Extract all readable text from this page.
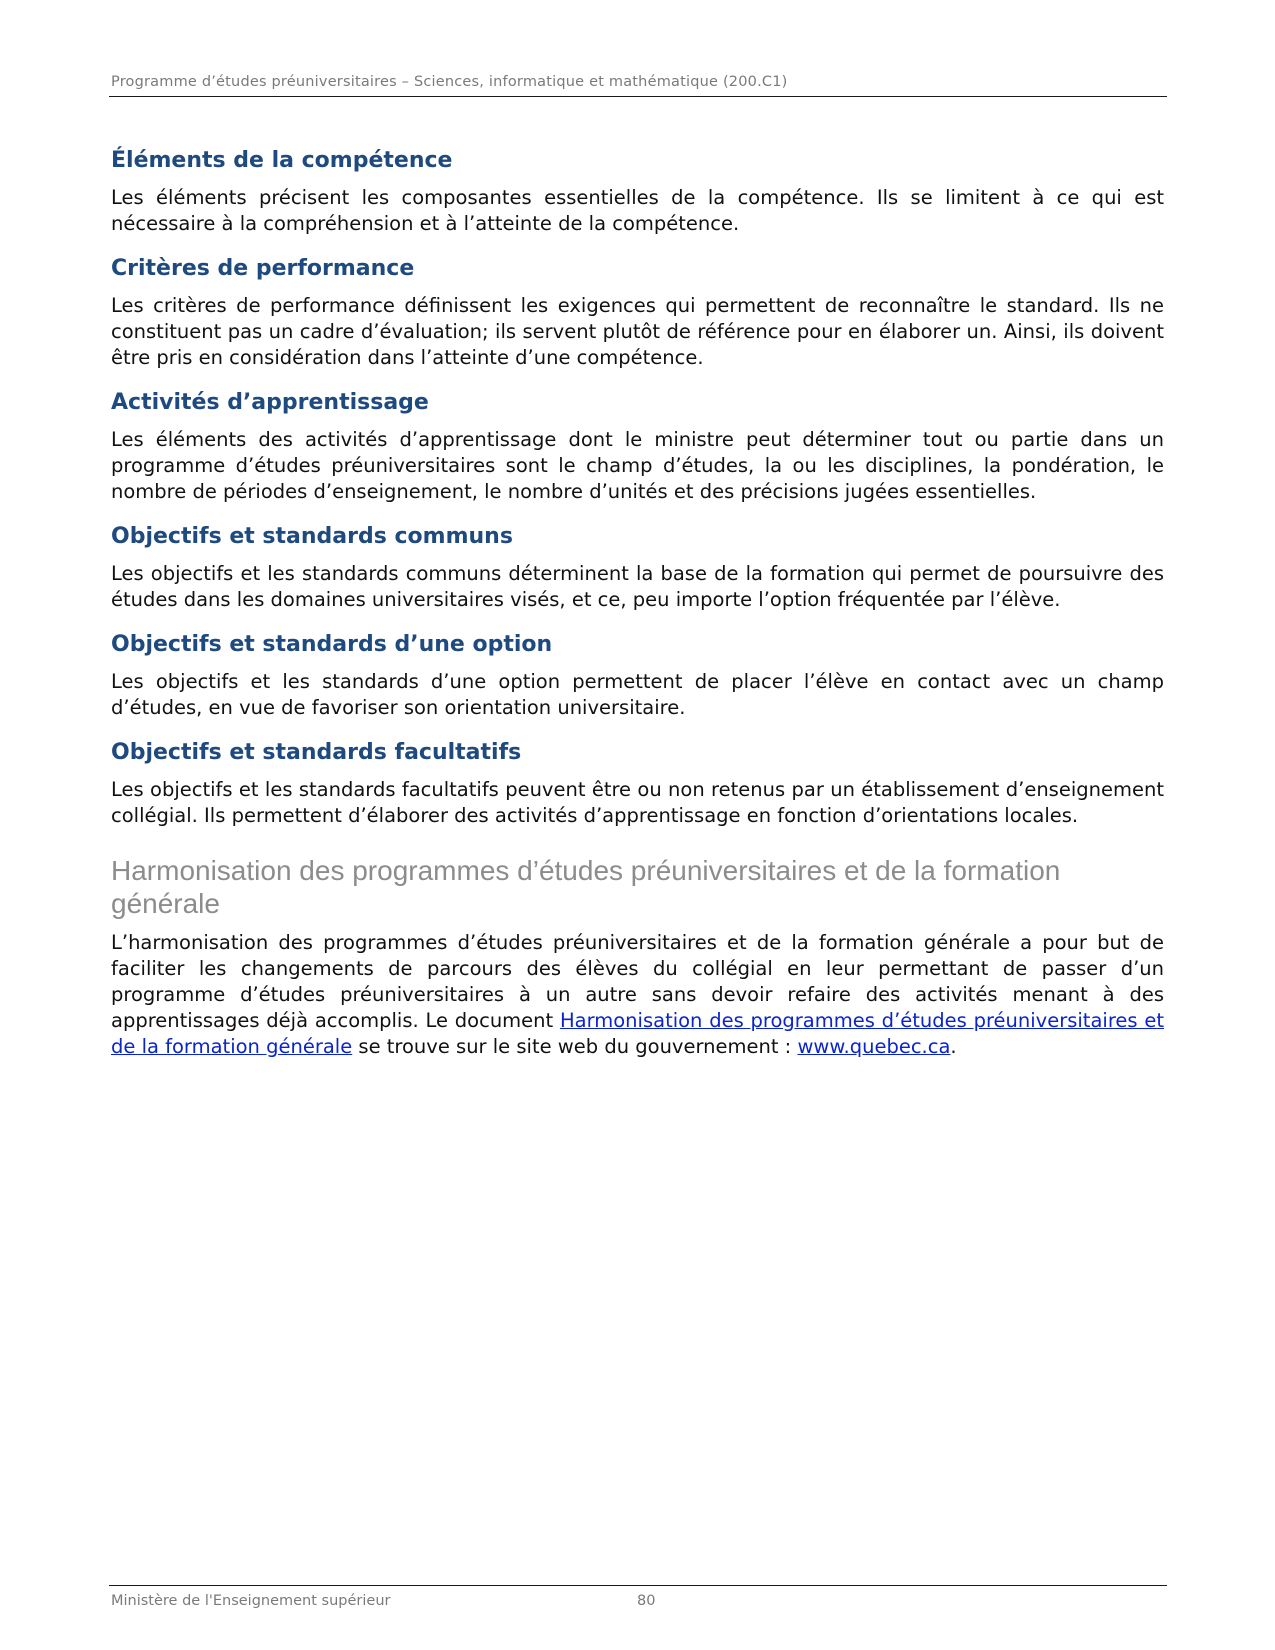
Programme d’études préuniversitaires – Sciences, informatique et mathématique (200.C1)
Éléments de la compétence

Les éléments précisent les composantes essentielles de la compétence. Ils se limitent à ce qui est nécessaire à la compréhension et à l’atteinte de la compétence.

Critères de performance

Les critères de performance définissent les exigences qui permettent de reconnaître le standard. Ils ne constituent pas un cadre d’évaluation; ils servent plutôt de référence pour en élaborer un. Ainsi, ils doivent être pris en considération dans l’atteinte d’une compétence.

Activités d’apprentissage

Les éléments des activités d’apprentissage dont le ministre peut déterminer tout ou partie dans un programme d’études préuniversitaires sont le champ d’études, la ou les disciplines, la pondération, le nombre de périodes d’enseignement, le nombre d’unités et des précisions jugées essentielles.

Objectifs et standards communs

Les objectifs et les standards communs déterminent la base de la formation qui permet de poursuivre des études dans les domaines universitaires visés, et ce, peu importe l’option fréquentée par l’élève.

Objectifs et standards d’une option

Les objectifs et les standards d’une option permettent de placer l’élève en contact avec un champ d’études, en vue de favoriser son orientation universitaire.

Objectifs et standards facultatifs

Les objectifs et les standards facultatifs peuvent être ou non retenus par un établissement d’enseignement collégial. Ils permettent d’élaborer des activités d’apprentissage en fonction d’orientations locales.

Harmonisation des programmes d’études préuniversitaires et de la formation générale

L’harmonisation des programmes d’études préuniversitaires et de la formation générale a pour but de faciliter les changements de parcours des élèves du collégial en leur permettant de passer d’un programme d’études préuniversitaires à un autre sans devoir refaire des activités menant à des apprentissages déjà accomplis. Le document Harmonisation des programmes d’études préuniversitaires et de la formation générale se trouve sur le site web du gouvernement : www.quebec.ca.

Ministère de l'Enseignement supérieur	80
